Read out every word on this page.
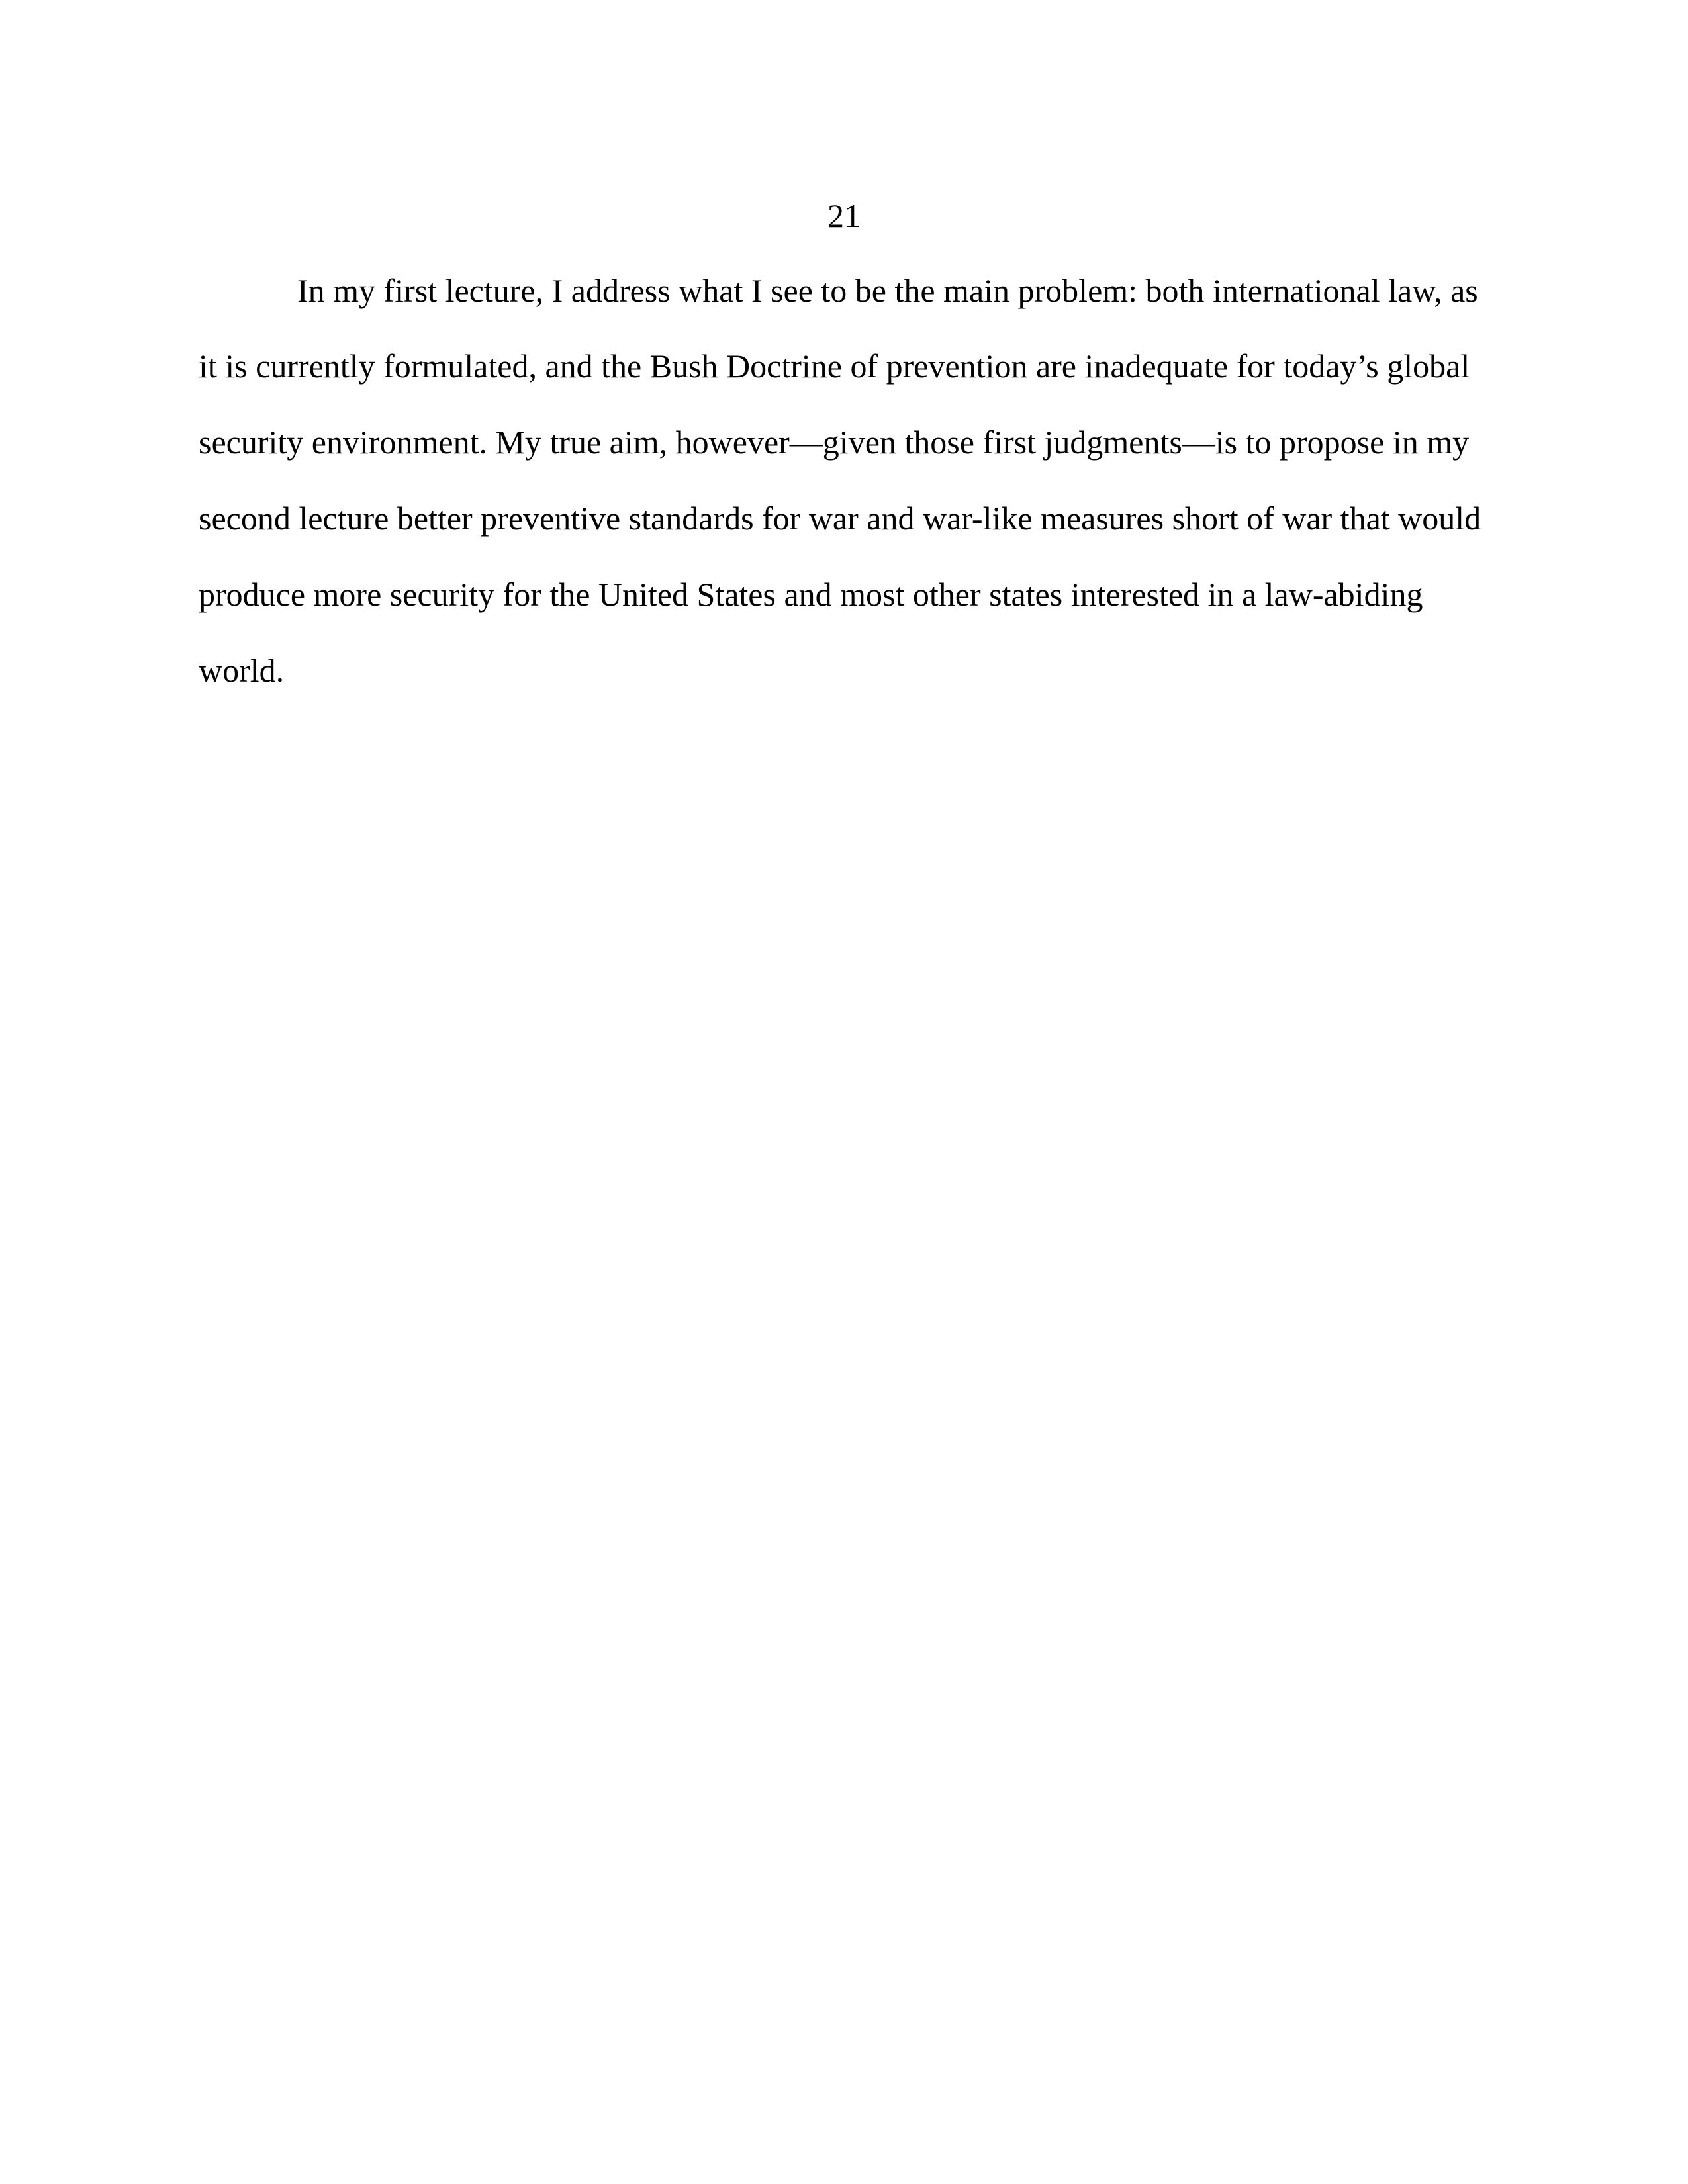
21
In my first lecture, I address what I see to be the main problem: both international law, as
it is currently formulated, and the Bush Doctrine of prevention are inadequate for today’s global
security environment. My true aim, however—given those first judgments—is to propose in my
second lecture better preventive standards for war and war-like measures short of war that would
produce more security for the United States and most other states interested in a law-abiding
world.
